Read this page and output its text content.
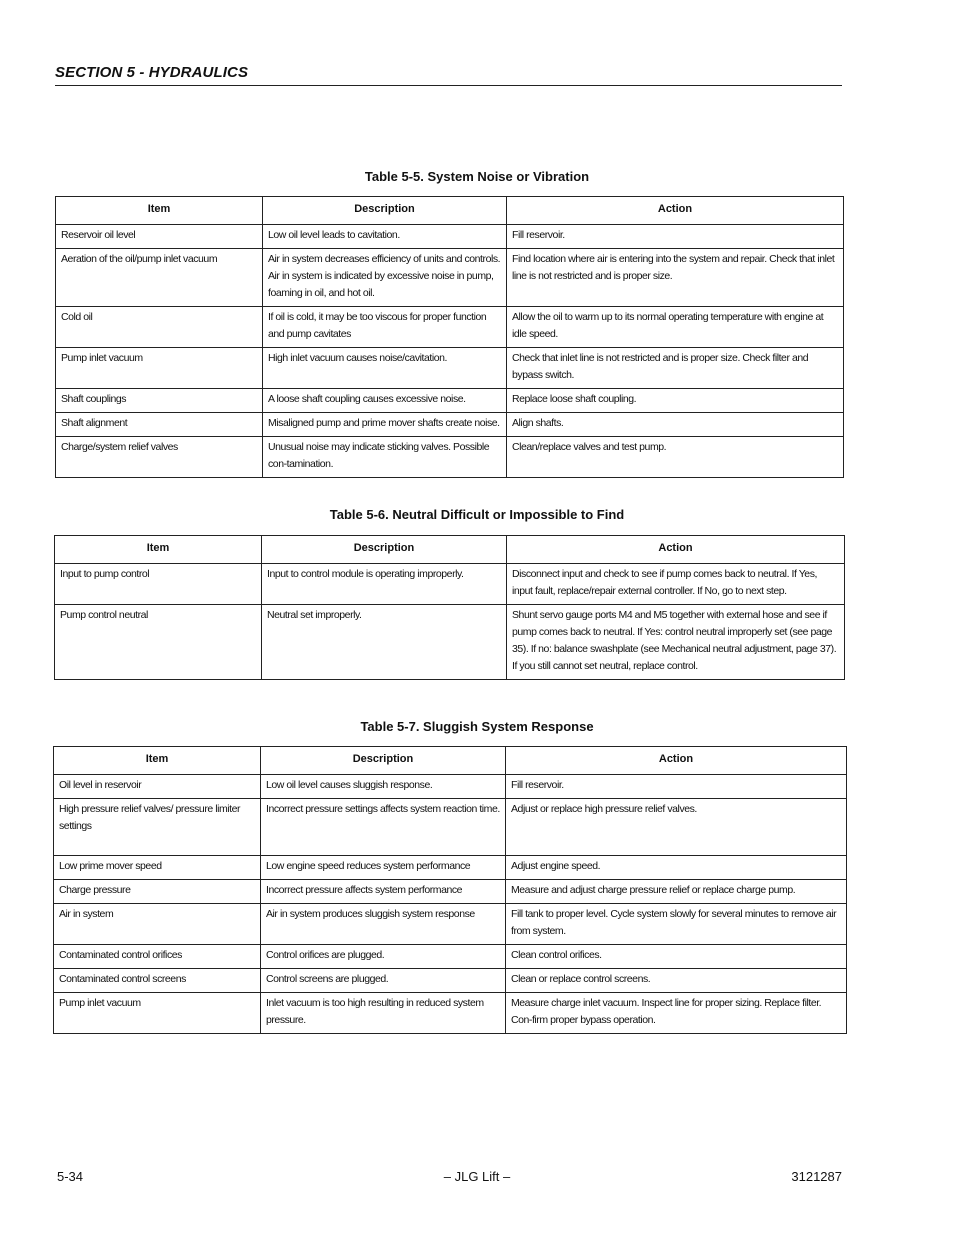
SECTION 5 - HYDRAULICS
Table 5-5. System Noise or Vibration
Item	Description	Action
Reservoir oil level	Low oil level leads to cavitation.	Fill reservoir.
Aeration of the oil/pump inlet vacuum	Air in system decreases efficiency of units and controls. Air in system is indicated by excessive noise in pump, foaming in oil, and hot oil.	Find location where air is entering into the system and repair. Check that inlet line is not restricted and is proper size.
Cold oil	If oil is cold, it may be too viscous for proper function and pump cavitates	Allow the oil to warm up to its normal operating temperature with engine at idle speed.
Pump inlet vacuum	High inlet vacuum causes noise/cavitation.	Check that inlet line is not restricted and is proper size. Check filter and bypass switch.
Shaft couplings	A loose shaft coupling causes excessive noise.	Replace loose shaft coupling.
Shaft alignment	Misaligned pump and prime mover shafts create noise.	Align shafts.
Charge/system relief valves	Unusual noise may indicate sticking valves. Possible con-tamination.	Clean/replace valves and test pump.
Table 5-6. Neutral Difficult or Impossible to Find
Item	Description	Action
Input to pump control	Input to control module is operating improperly.	Disconnect input and check to see if pump comes back to neutral. If Yes, input fault, replace/repair external controller. If No, go to next step.
Pump control neutral	Neutral set improperly.	Shunt servo gauge ports M4 and M5 together with external hose and see if pump comes back to neutral. If Yes: control neutral improperly set (see page 35). If no: balance swashplate (see Mechanical neutral adjustment, page 37). If you still cannot set neutral, replace control.
Table 5-7. Sluggish System Response
Item	Description	Action
Oil level in reservoir	Low oil level causes sluggish response.	Fill reservoir.
High pressure relief valves/ pressure limiter settings	Incorrect pressure settings affects system reaction time.	Adjust or replace high pressure relief valves.
Low prime mover speed	Low engine speed reduces system performance	Adjust engine speed.
Charge pressure	Incorrect pressure affects system performance	Measure and adjust charge pressure relief or replace charge pump.
Air in system	Air in system produces sluggish system response	Fill tank to proper level. Cycle system slowly for several minutes to remove air from system.
Contaminated control orifices	Control orifices are plugged.	Clean control orifices.
Contaminated control screens	Control screens are plugged.	Clean or replace control screens.
Pump inlet vacuum	Inlet vacuum is too high resulting in reduced system pressure.	Measure charge inlet vacuum. Inspect line for proper sizing. Replace filter. Con-firm proper bypass operation.
5-34	– JLG Lift –	3121287
